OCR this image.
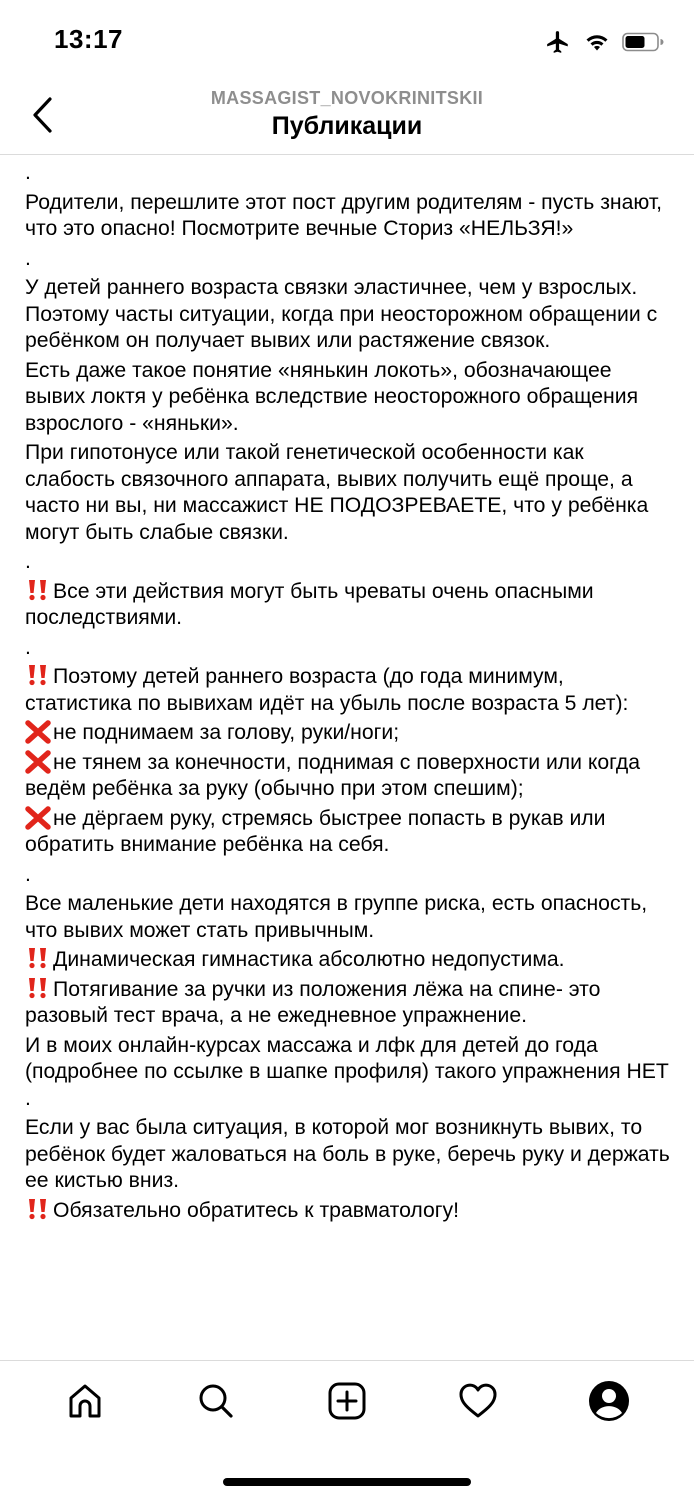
13:17
MASSAGIST_NOVOKRINITSKII
Публикации
.
Родители, перешлите этот пост другим родителям - пусть знают, что это опасно! Посмотрите вечные Сториз «НЕЛЬЗЯ!»
.
У детей раннего возраста связки эластичнее, чем у взрослых. Поэтому часты ситуации, когда при неосторожном обращении с ребёнком он получает вывих или растяжение связок.
Есть даже такое понятие «нянькин локоть», обозначающее вывих локтя у ребёнка вследствие неосторожного обращения взрослого - «няньки».
При гипотонусе или такой генетической особенности как слабость связочного аппарата, вывих получить ещё проще, а часто ни вы, ни массажист НЕ ПОДОЗРЕВАЕТЕ, что у ребёнка могут быть слабые связки.
.
Все эти действия могут быть чреваты очень опасными последствиями.
.
Поэтому детей раннего возраста (до года минимум, статистика по вывихам идёт на убыль после возраста 5 лет):
не поднимаем за голову, руки/ноги;
не тянем за конечности, поднимая с поверхности или когда ведём ребёнка за руку (обычно при этом спешим);
не дёргаем руку, стремясь быстрее попасть в рукав или обратить внимание ребёнка на себя.
.
Все маленькие дети находятся в группе риска, есть опасность, что вывих может стать привычным.
Динамическая гимнастика абсолютно недопустима.
Потягивание за ручки из положения лёжа на спине- это разовый тест врача, а не ежедневное упражнение.
И в моих онлайн-курсах массажа и лфк для детей до года (подробнее по ссылке в шапке профиля) такого упражнения НЕТ .
Если у вас была ситуация, в которой мог возникнуть вывих, то ребёнок будет жаловаться на боль в руке, беречь руку и держать ее кистью вниз.
Обязательно обратитесь к травматологу!
